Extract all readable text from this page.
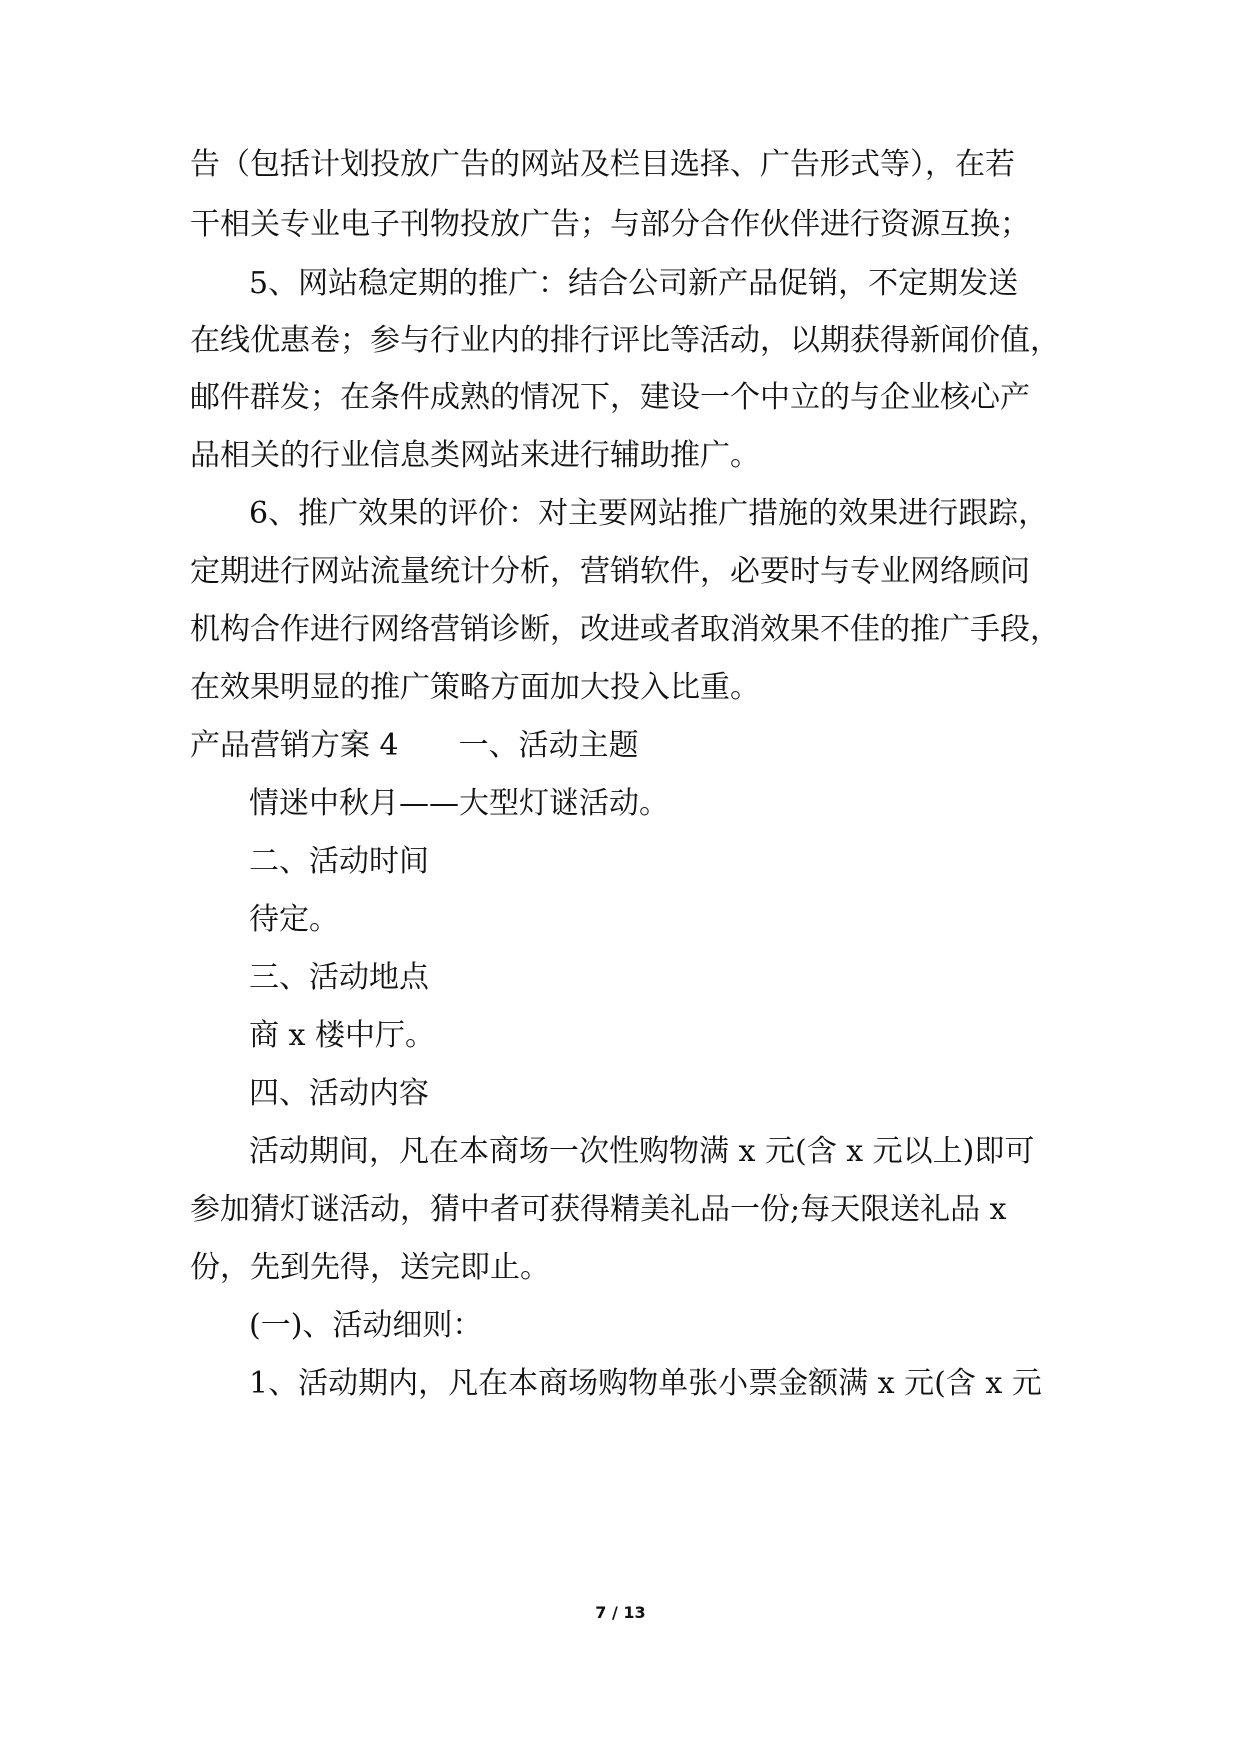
告（包括计划投放广告的网站及栏目选择、广告形式等），在若
干相关专业电子刊物投放广告；与部分合作伙伴进行资源互换；
5、网站稳定期的推广：结合公司新产品促销，不定期发送
在线优惠卷；参与行业内的排行评比等活动，以期获得新闻价值，
邮件群发；在条件成熟的情况下，建设一个中立的与企业核心产
品相关的行业信息类网站来进行辅助推广。
6、推广效果的评价：对主要网站推广措施的效果进行跟踪，
定期进行网站流量统计分析，营销软件，必要时与专业网络顾问
机构合作进行网络营销诊断，改进或者取消效果不佳的推广手段，
在效果明显的推广策略方面加大投入比重。
产品营销方案 4　　一、活动主题
情迷中秋月——大型灯谜活动。
二、活动时间
待定。
三、活动地点
商 x 楼中厅。
四、活动内容
活动期间，凡在本商场一次性购物满 x 元(含 x 元以上)即可
参加猜灯谜活动，猜中者可获得精美礼品一份;每天限送礼品 x
份，先到先得，送完即止。
(一)、活动细则：
1、活动期内，凡在本商场购物单张小票金额满 x 元(含 x 元
7 / 13
